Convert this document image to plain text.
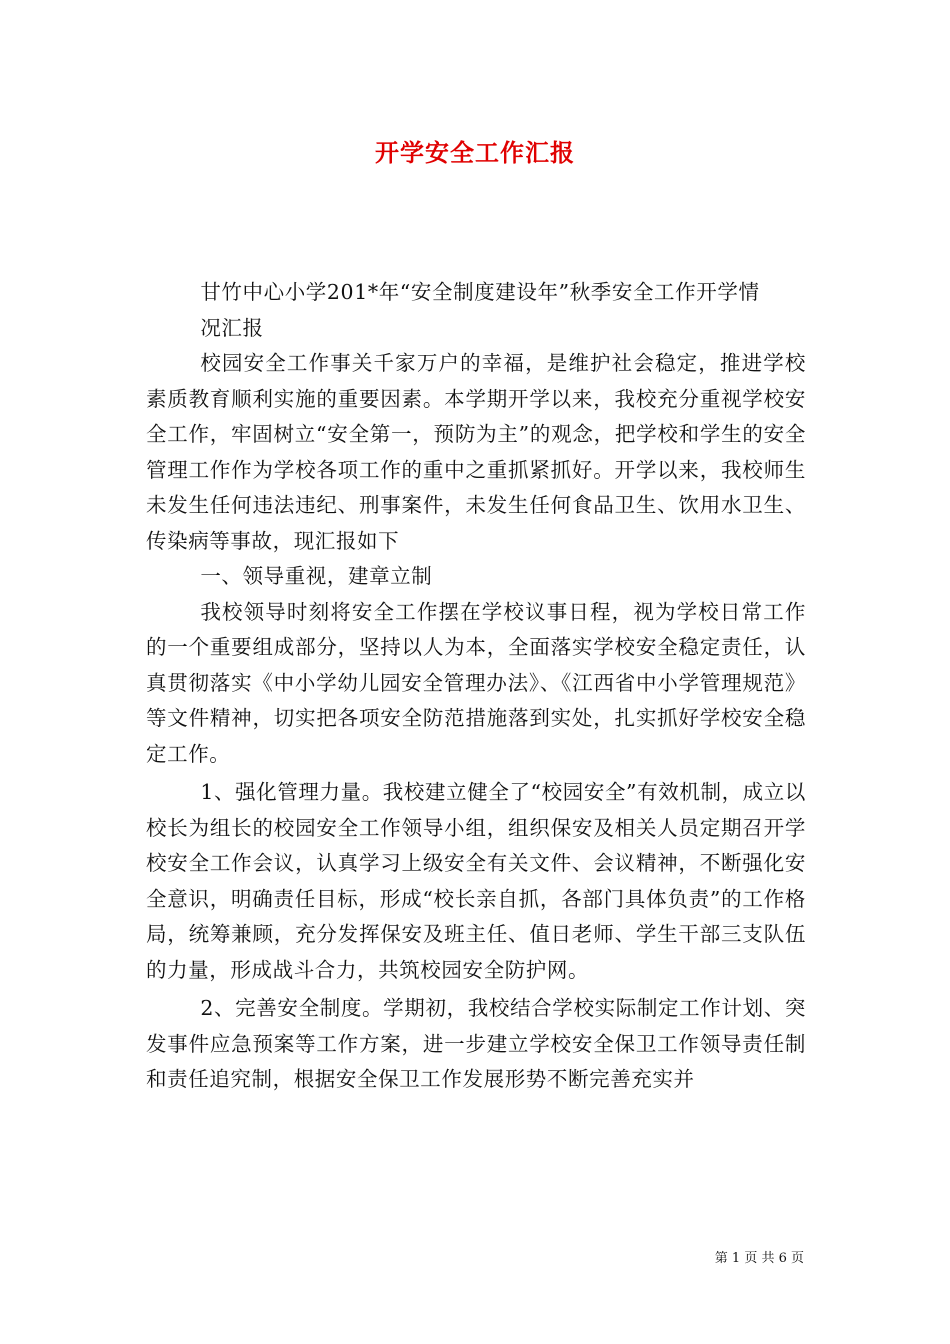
开学安全工作汇报

甘竹中心小学201*年“安全制度建设年”秋季安全工作开学情

况汇报

校园安全工作事关千家万户的幸福，是维护社会稳定，推进学校素质教育顺利实施的重要因素。本学期开学以来，我校充分重视学校安全工作，牢固树立“安全第一，预防为主”的观念，把学校和学生的安全管理工作作为学校各项工作的重中之重抓紧抓好。开学以来，我校师生未发生任何违法违纪、刑事案件，未发生任何食品卫生、饮用水卫生、传染病等事故，现汇报如下

一、领导重视，建章立制

我校领导时刻将安全工作摆在学校议事日程，视为学校日常工作的一个重要组成部分，坚持以人为本，全面落实学校安全稳定责任，认真贯彻落实《中小学幼儿园安全管理办法》、《江西省中小学管理规范》等文件精神，切实把各项安全防范措施落到实处，扎实抓好学校安全稳定工作。

1、强化管理力量。我校建立健全了“校园安全”有效机制，成立以校长为组长的校园安全工作领导小组，组织保安及相关人员定期召开学校安全工作会议，认真学习上级安全有关文件、会议精神，不断强化安全意识，明确责任目标，形成“校长亲自抓，各部门具体负责”的工作格局，统筹兼顾，充分发挥保安及班主任、值日老师、学生干部三支队伍的力量，形成战斗合力，共筑校园安全防护网。

2、完善安全制度。学期初，我校结合学校实际制定工作计划、突发事件应急预案等工作方案，进一步建立学校安全保卫工作领导责任制和责任追究制，根据安全保卫工作发展形势不断完善充实并

第 1 页 共 6 页
